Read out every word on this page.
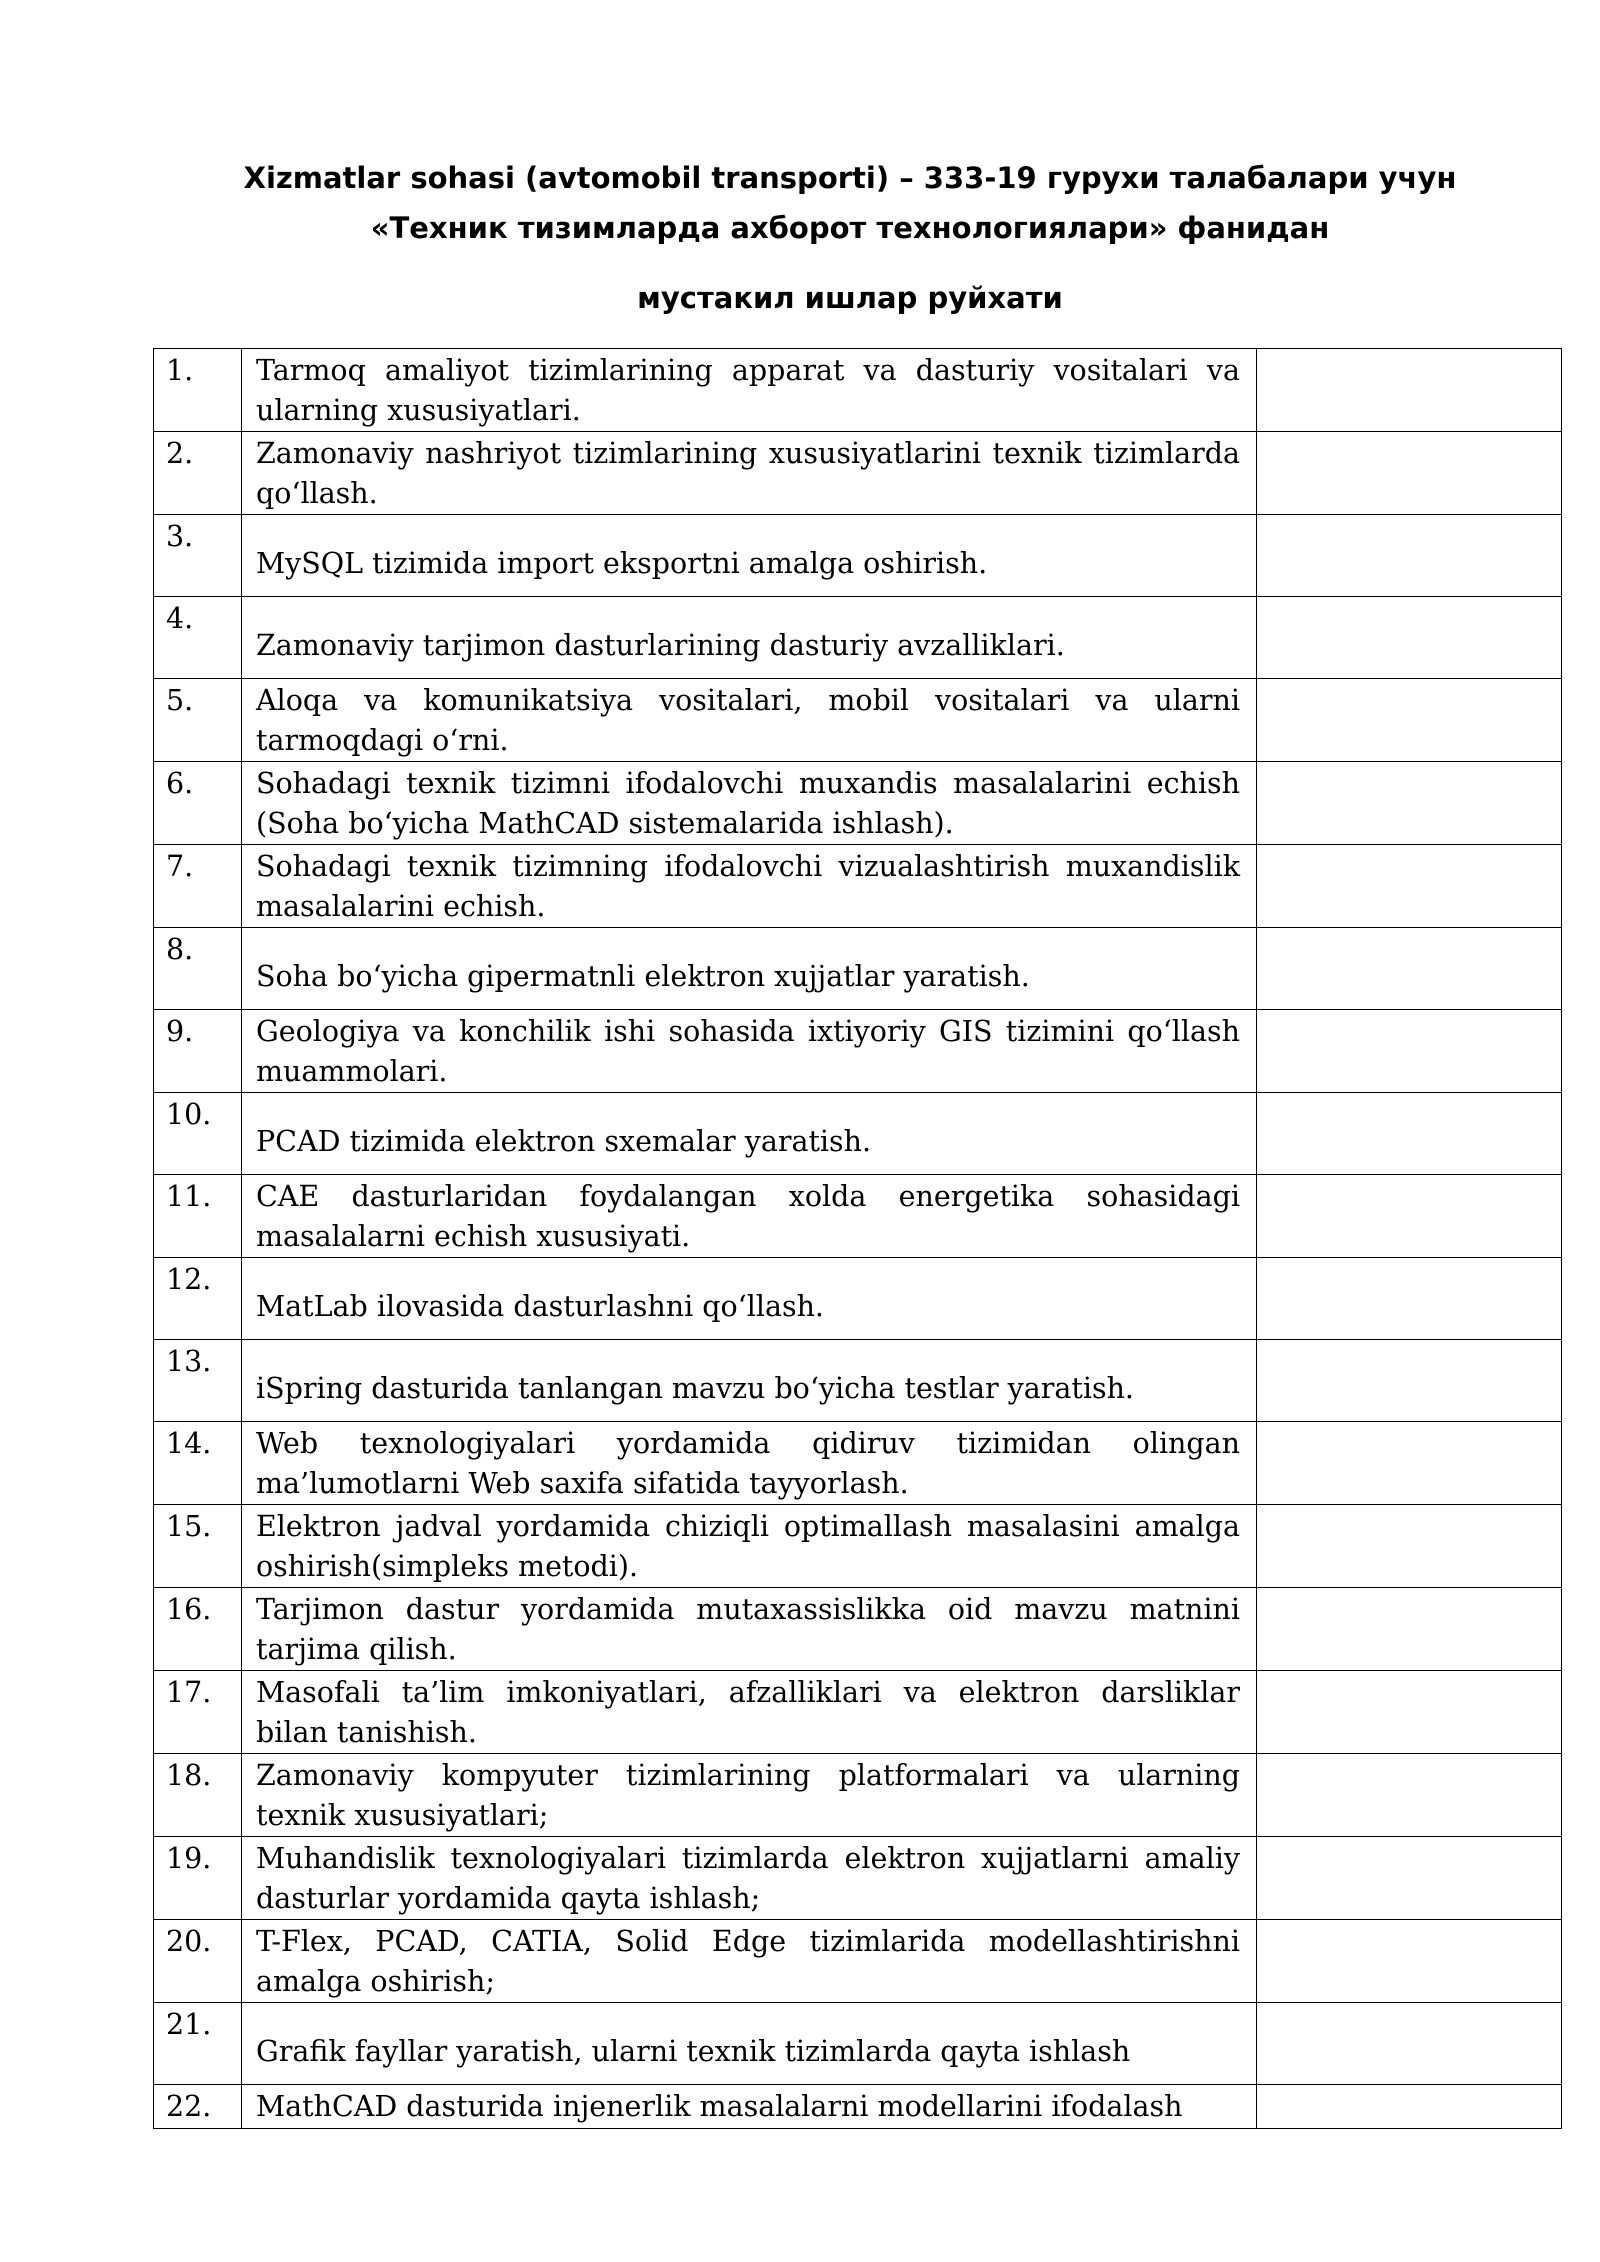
Xizmatlar sohasi (avtomobil transporti) – 333-19 гурухи талабалари учун
«Техник тизимларда ахборот технологиялари» фанидан
мустакил ишлар руйхати
1.	Tarmoq amaliyot tizimlarining apparat va dasturiy vositalari va ularning xususiyatlari.	
2.	Zamonaviy nashriyot tizimlarining xususiyatlarini texnik tizimlarda qo‘llash.	
3.	MySQL tizimida import eksportni amalga oshirish.	
4.	Zamonaviy tarjimon dasturlarining dasturiy avzalliklari.	
5.	Aloqa va komunikatsiya vositalari, mobil vositalari va ularni tarmoqdagi o‘rni.	
6.	Sohadagi texnik tizimni ifodalovchi muxandis masalalarini echish (Soha bo‘yicha MathCAD sistemalarida ishlash).	
7.	Sohadagi texnik tizimning ifodalovchi vizualashtirish muxandislik masalalarini echish.	
8.	Soha bo‘yicha gipermatnli elektron xujjatlar yaratish.	
9.	Geologiya va konchilik ishi sohasida ixtiyoriy GIS tizimini qo‘llash muammolari.	
10.	PCAD tizimida elektron sxemalar yaratish.	
11.	CAE dasturlaridan foydalangan xolda energetika sohasidagi masalalarni echish xususiyati.	
12.	MatLab ilovasida dasturlashni qo‘llash.	
13.	iSpring dasturida tanlangan mavzu bo‘yicha testlar yaratish.	
14.	Web texnologiyalari yordamida qidiruv tizimidan olingan ma’lumotlarni Web saxifa sifatida tayyorlash.	
15.	Elektron jadval yordamida chiziqli optimallash masalasini amalga oshirish(simpleks metodi).	
16.	Tarjimon dastur yordamida mutaxassislikka oid mavzu matnini tarjima qilish.	
17.	Masofali ta’lim imkoniyatlari, afzalliklari va elektron darsliklar bilan tanishish.	
18.	Zamonaviy kompyuter tizimlarining platformalari va ularning texnik xususiyatlari;	
19.	Muhandislik texnologiyalari tizimlarda elektron xujjatlarni amaliy dasturlar yordamida qayta ishlash;	
20.	T-Flex, PCAD, CATIA, Solid Edge tizimlarida modellashtirishni amalga oshirish;	
21.	Grafik fayllar yaratish, ularni texnik tizimlarda qayta ishlash	
22.	MathCAD dasturida injenerlik masalalarni modellarini ifodalash	
